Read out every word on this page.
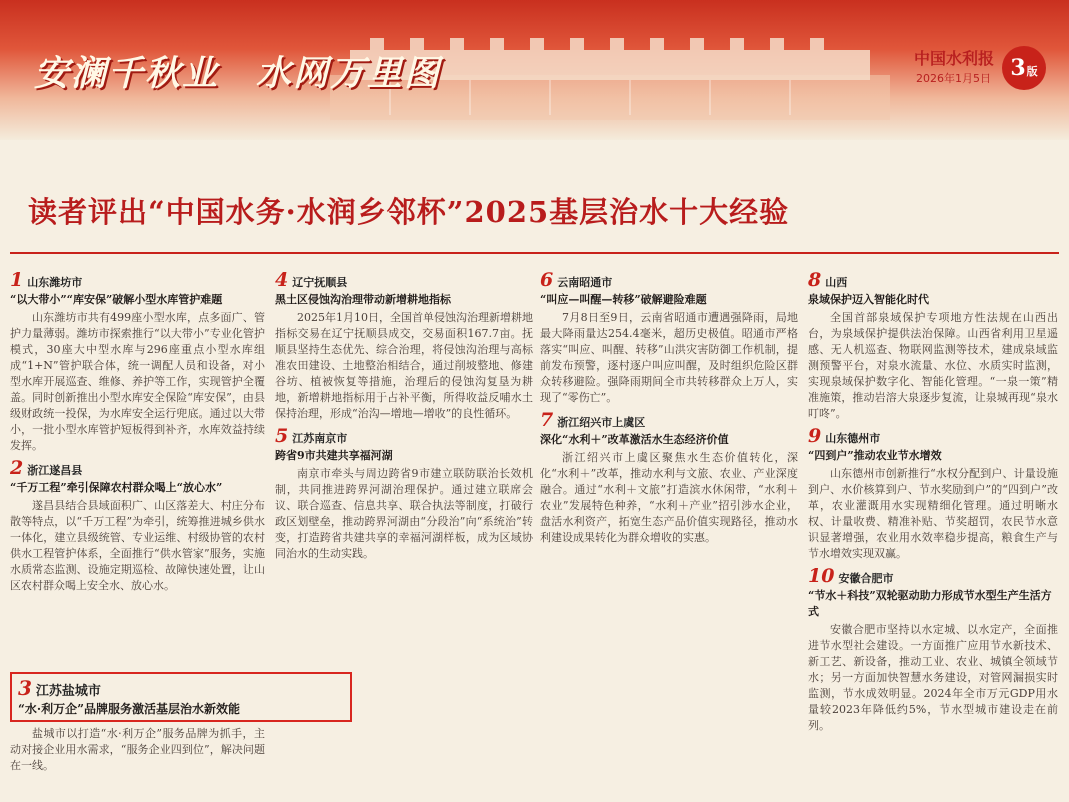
安澜千秋业　水网万里图	中国水利报
2026年1月5日 3版
读者评出“中国水务·水润乡邻杯”2025基层治水十大经验
1 山东潍坊市
“以大带小”“库安保”破解小型水库管护难题

山东潍坊市共有499座小型水库，点多面广、管护力量薄弱。潍坊市探索推行“以大带小”专业化管护模式，30座大中型水库与296座重点小型水库组成“1+N”管护联合体，统一调配人员和设备，对小型水库开展巡查、维修、养护等工作，实现管护全覆盖。同时创新推出小型水库安全保险“库安保”，由县级财政统一投保，为水库安全运行兜底。通过以大带小，一批小型水库管护短板得到补齐，水库效益持续发挥。

2 浙江遂昌县
“千万工程”牵引保障农村群众喝上“放心水”

遂昌县结合县域面积广、山区落差大、村庄分布散等特点，以“千万工程”为牵引，统筹推进城乡供水一体化，建立县级统管、专业运维、村级协管的农村供水工程管护体系，全面推行“供水管家”服务，实施水质常态监测、设施定期巡检、故障快速处置，让山区农村群众喝上安全水、放心水。

3 江苏盐城市
“水·利万企”品牌服务激活基层治水新效能

盐城市以打造“水·利万企”服务品牌为抓手，主动对接企业用水需求，“服务企业四到位”，解决问题在一线。

4 辽宁抚顺县
黑土区侵蚀沟治理带动新增耕地指标

2025年1月10日，全国首单侵蚀沟治理新增耕地指标交易在辽宁抚顺县成交，交易面积167.7亩。抚顺县坚持生态优先、综合治理，将侵蚀沟治理与高标准农田建设、土地整治相结合，通过削坡整地、修建谷坊、植被恢复等措施，治理后的侵蚀沟复垦为耕地，新增耕地指标用于占补平衡，所得收益反哺水土保持治理，形成“治沟—增地—增收”的良性循环。

5 江苏南京市
跨省9市共建共享福河湖

南京市牵头与周边跨省9市建立联防联治长效机制，共同推进跨界河湖治理保护。通过建立联席会议、联合巡查、信息共享、联合执法等制度，打破行政区划壁垒，推动跨界河湖由“分段治”向“系统治”转变，打造跨省共建共享的幸福河湖样板，成为区域协同治水的生动实践。

6 云南昭通市
“叫应—叫醒—转移”破解避险难题

7月8日至9日，云南省昭通市遭遇强降雨，局地最大降雨量达254.4毫米，超历史极值。昭通市严格落实“叫应、叫醒、转移”山洪灾害防御工作机制，提前发布预警，逐村逐户叫应叫醒，及时组织危险区群众转移避险。强降雨期间全市共转移群众上万人，实现了“零伤亡”。

7 浙江绍兴市上虞区
深化“水利＋”改革激活水生态经济价值

浙江绍兴市上虞区聚焦水生态价值转化，深化“水利＋”改革，推动水利与文旅、农业、产业深度融合。通过“水利＋文旅”打造滨水休闲带，“水利＋农业”发展特色种养，“水利＋产业”招引涉水企业，盘活水利资产，拓宽生态产品价值实现路径，推动水利建设成果转化为群众增收的实惠。

8 山西
泉域保护迈入智能化时代

全国首部泉域保护专项地方性法规在山西出台，为泉域保护提供法治保障。山西省利用卫星遥感、无人机巡查、物联网监测等技术，建成泉域监测预警平台，对泉水流量、水位、水质实时监测，实现泉域保护数字化、智能化管理。“一泉一策”精准施策，推动岩溶大泉逐步复流，让泉城再现“泉水叮咚”。

9 山东德州市
“四到户”推动农业节水增效

山东德州市创新推行“水权分配到户、计量设施到户、水价核算到户、节水奖励到户”的“四到户”改革，农业灌溉用水实现精细化管理。通过明晰水权、计量收费、精准补贴、节奖超罚，农民节水意识显著增强，农业用水效率稳步提高，粮食生产与节水增效实现双赢。

10 安徽合肥市
“节水＋科技”双轮驱动助力形成节水型生产生活方式

安徽合肥市坚持以水定城、以水定产，全面推进节水型社会建设。一方面推广应用节水新技术、新工艺、新设备，推动工业、农业、城镇全领域节水；另一方面加快智慧水务建设，对管网漏损实时监测，节水成效明显。2024年全市万元GDP用水量较2023年降低约5%，节水型城市建设走在前列。
